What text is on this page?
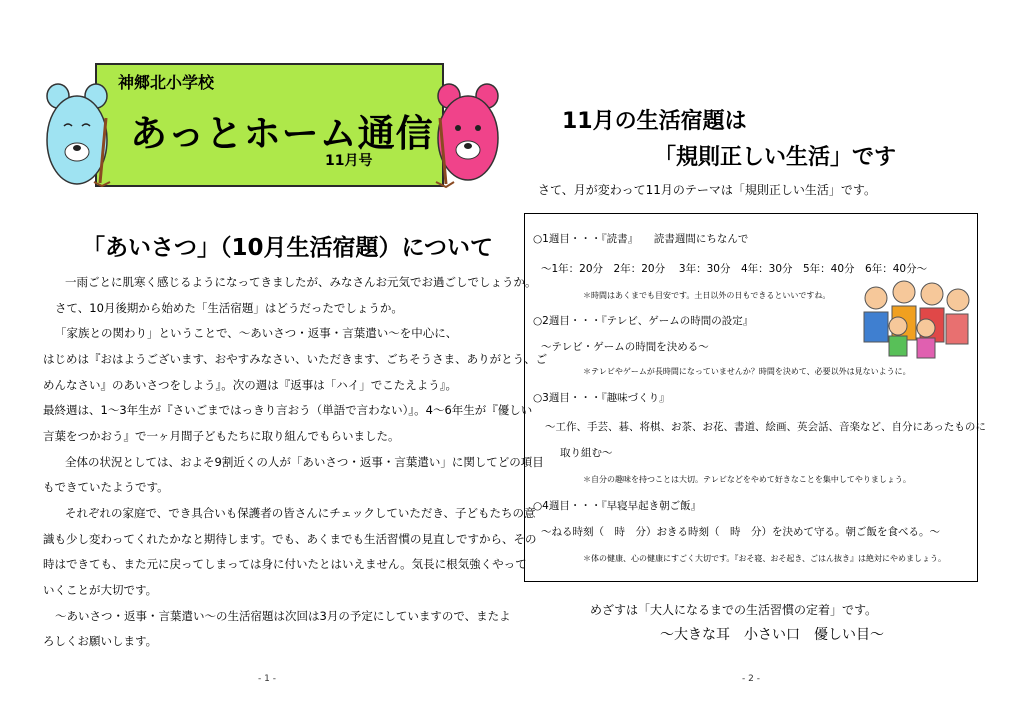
神郷北小学校
あっとホーム通信
11月号
「あいさつ」（10月生活宿題）について
一雨ごとに肌寒く感じるようになってきましたが、みなさんお元気でお過ごしでしょうか。
さて、10月後期から始めた「生活宿題」はどうだったでしょうか。
「家族との関わり」ということで、〜あいさつ・返事・言葉遣い〜を中心に、
はじめは『おはようございます、おやすみなさい、いただきます、ごちそうさま、ありがとう、ご
めんなさい』のあいさつをしよう』。次の週は『返事は「ハイ」でこたえよう』。
最終週は、1〜3年生が『さいごまではっきり言おう（単語で言わない）』。4〜6年生が『優しい
言葉をつかおう』で一ヶ月間子どもたちに取り組んでもらいました。
全体の状況としては、およそ9割近くの人が「あいさつ・返事・言葉遣い」に関してどの項目
もできていたようです。
それぞれの家庭で、でき具合いも保護者の皆さんにチェックしていただき、子どもたちの意
識も少し変わってくれたかなと期待します。でも、あくまでも生活習慣の見直しですから、その
時はできても、また元に戻ってしまっては身に付いたとはいえません。気長に根気強くやって
いくことが大切です。
〜あいさつ・返事・言葉遣い〜の生活宿題は次回は3月の予定にしていますので、またよ
ろしくお願いします。
- 1 -
11月の生活宿題は
「規則正しい生活」です
さて、月が変わって11月のテーマは「規則正しい生活」です。
○1週目・・・『読書』　　読書週間にちなんで
〜1年：20分　2年：20分　 3年：30分　4年：30分　5年：40分　6年：40分〜
＊時間はあくまでも目安です。土日以外の日もできるといいですね。
○2週目・・・『テレビ、ゲームの時間の設定』
〜テレビ・ゲームの時間を決める〜
＊テレビやゲームが長時間になっていませんか？時間を決めて、必要以外は見ないように。
○3週目・・・『趣味づくり』
〜工作、手芸、碁、将棋、お茶、お花、書道、絵画、英会話、音楽など、自分にあったものに
取り組む〜
＊自分の趣味を持つことは大切。テレビなどをやめて好きなことを集中してやりましょう。
○4週目・・・『早寝早起き朝ご飯』
〜ねる時刻（　時　分）おきる時刻（　時　分）を決めて守る。朝ご飯を食べる。〜
＊体の健康、心の健康にすごく大切です。『おそ寝、おそ起き、ごはん抜き』は絶対にやめましょう。
めざすは「大人になるまでの生活習慣の定着」です。
〜大きな耳　小さい口　優しい目〜
- 2 -
